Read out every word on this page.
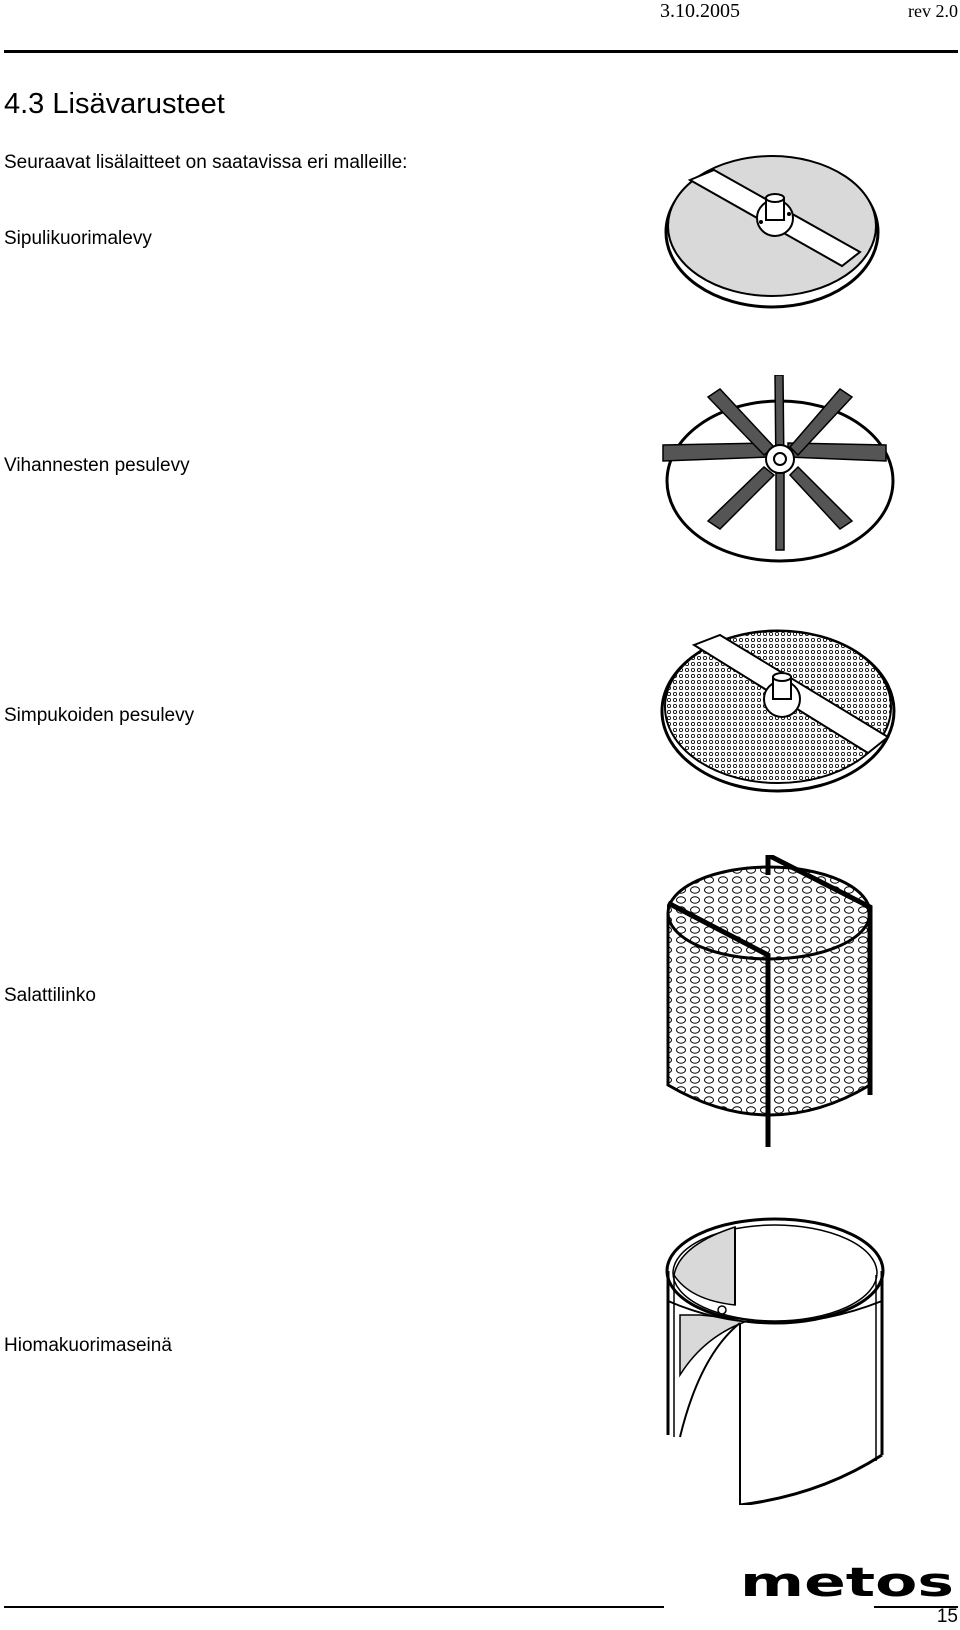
3.10.2005	rev 2.0
4.3 Lisävarusteet
Seuraavat lisälaitteet on saatavissa eri malleille:
Sipulikuorimalevy
Vihannesten pesulevy
Simpukoiden pesulevy
Salattilinko
Hiomakuorimaseinä
metos
15
